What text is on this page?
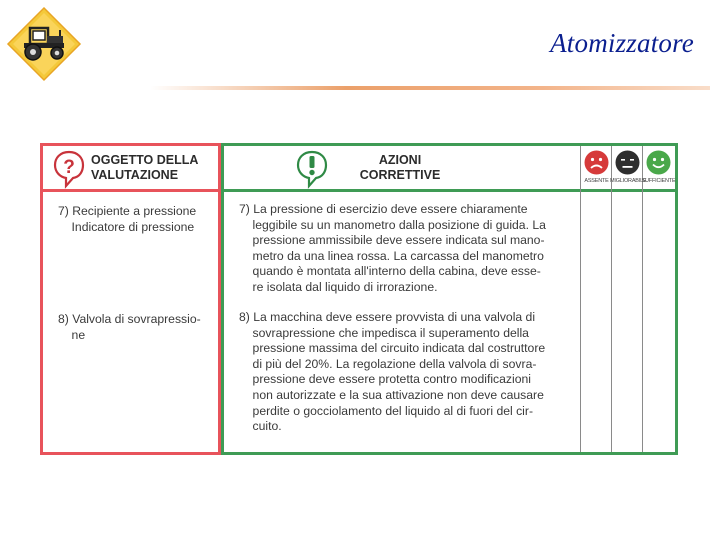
Atomizzatore
? OGGETTO DELLA
VALUTAZIONE
7) Recipiente a pressione
Indicatore di pressione
8) Valvola di sovrapressio-
ne
AZIONI
CORRETTIVE
7) La pressione di esercizio deve essere chiaramente
leggibile su un manometro dalla posizione di guida. La
pressione ammissibile deve essere indicata sul mano-
metro da una linea rossa. La carcassa del manometro
quando è montata all'interno della cabina, deve esse-
re isolata dal liquido di irrorazione.
8) La macchina deve essere provvista di una valvola di
sovrapressione che impedisca il superamento della
pressione massima del circuito indicata dal costruttore
di più del 20%. La regolazione della valvola di sovra-
pressione deve essere protetta contro modificazioni
non autorizzate e la sua attivazione non deve causare
perdite o gocciolamento del liquido al di fuori del cir-
cuito.
ASSENTE MIGLIORABILE
SUFFICIENTE
